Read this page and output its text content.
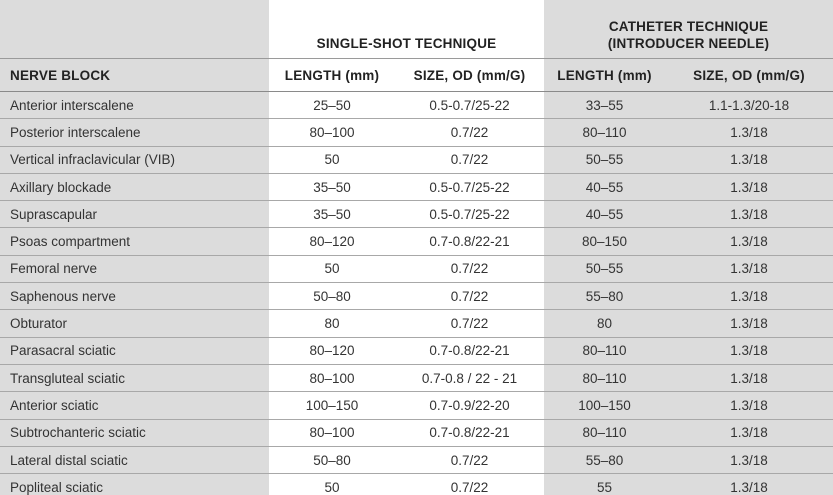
	SINGLE-SHOT TECHNIQUE		CATHETER TECHNIQUE
(INTRODUCER NEEDLE)	
NERVE BLOCK	LENGTH (mm)	SIZE, OD (mm/G)	LENGTH (mm)	SIZE, OD (mm/G)
Anterior interscalene	25–50	0.5-0.7/25-22	33–55	1.1-1.3/20-18
Posterior interscalene	80–100	0.7/22	80–110	1.3/18
Vertical infraclavicular (VIB)	50	0.7/22	50–55	1.3/18
Axillary blockade	35–50	0.5-0.7/25-22	40–55	1.3/18
Suprascapular	35–50	0.5-0.7/25-22	40–55	1.3/18
Psoas compartment	80–120	0.7-0.8/22-21	80–150	1.3/18
Femoral nerve	50	0.7/22	50–55	1.3/18
Saphenous nerve	50–80	0.7/22	55–80	1.3/18
Obturator	80	0.7/22	80	1.3/18
Parasacral sciatic	80–120	0.7-0.8/22-21	80–110	1.3/18
Transgluteal sciatic	80–100	0.7-0.8 / 22 - 21	80–110	1.3/18
Anterior sciatic	100–150	0.7-0.9/22-20	100–150	1.3/18
Subtrochanteric sciatic	80–100	0.7-0.8/22-21	80–110	1.3/18
Lateral distal sciatic	50–80	0.7/22	55–80	1.3/18
Popliteal sciatic	50	0.7/22	55	1.3/18
